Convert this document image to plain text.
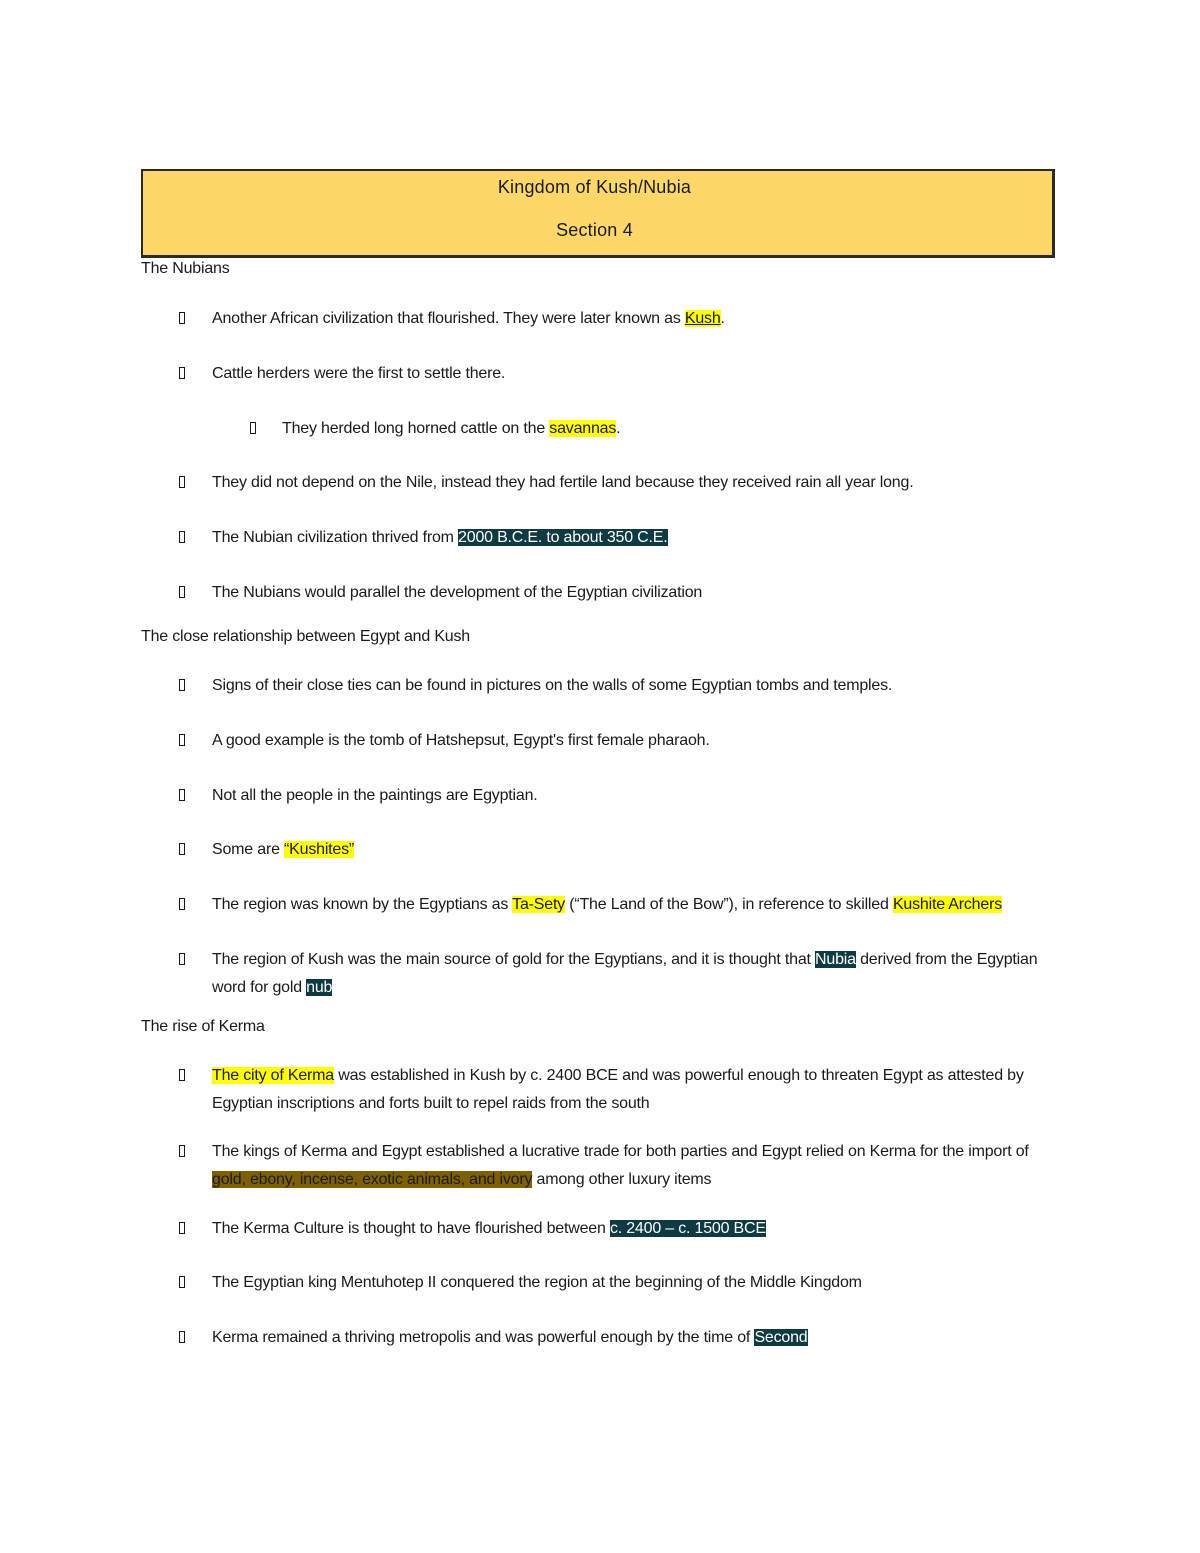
Kingdom of Kush/Nubia
Section 4
The Nubians
Another African civilization that flourished. They were later known as Kush.
Cattle herders were the first to settle there.
They herded long horned cattle on the savannas.
They did not depend on the Nile, instead they had fertile land because they received rain all year long.
The Nubian civilization thrived from 2000 B.C.E. to about 350 C.E.
The Nubians would parallel the development of the Egyptian civilization
The close relationship between Egypt and Kush
Signs of their close ties can be found in pictures on the walls of some Egyptian tombs and temples.
A good example is the tomb of Hatshepsut, Egypt's first female pharaoh.
Not all the people in the paintings are Egyptian.
Some are “Kushites”
The region was known by the Egyptians as Ta-Sety (“The Land of the Bow”), in reference to skilled Kushite Archers
The region of Kush was the main source of gold for the Egyptians, and it is thought that Nubia derived from the Egyptian word for gold nub
The rise of Kerma
The city of Kerma was established in Kush by c. 2400 BCE and was powerful enough to threaten Egypt as attested by Egyptian inscriptions and forts built to repel raids from the south
The kings of Kerma and Egypt established a lucrative trade for both parties and Egypt relied on Kerma for the import of gold, ebony, incense, exotic animals, and ivory among other luxury items
The Kerma Culture is thought to have flourished between c. 2400 – c. 1500 BCE
The Egyptian king Mentuhotep II conquered the region at the beginning of the Middle Kingdom
Kerma remained a thriving metropolis and was powerful enough by the time of Second
